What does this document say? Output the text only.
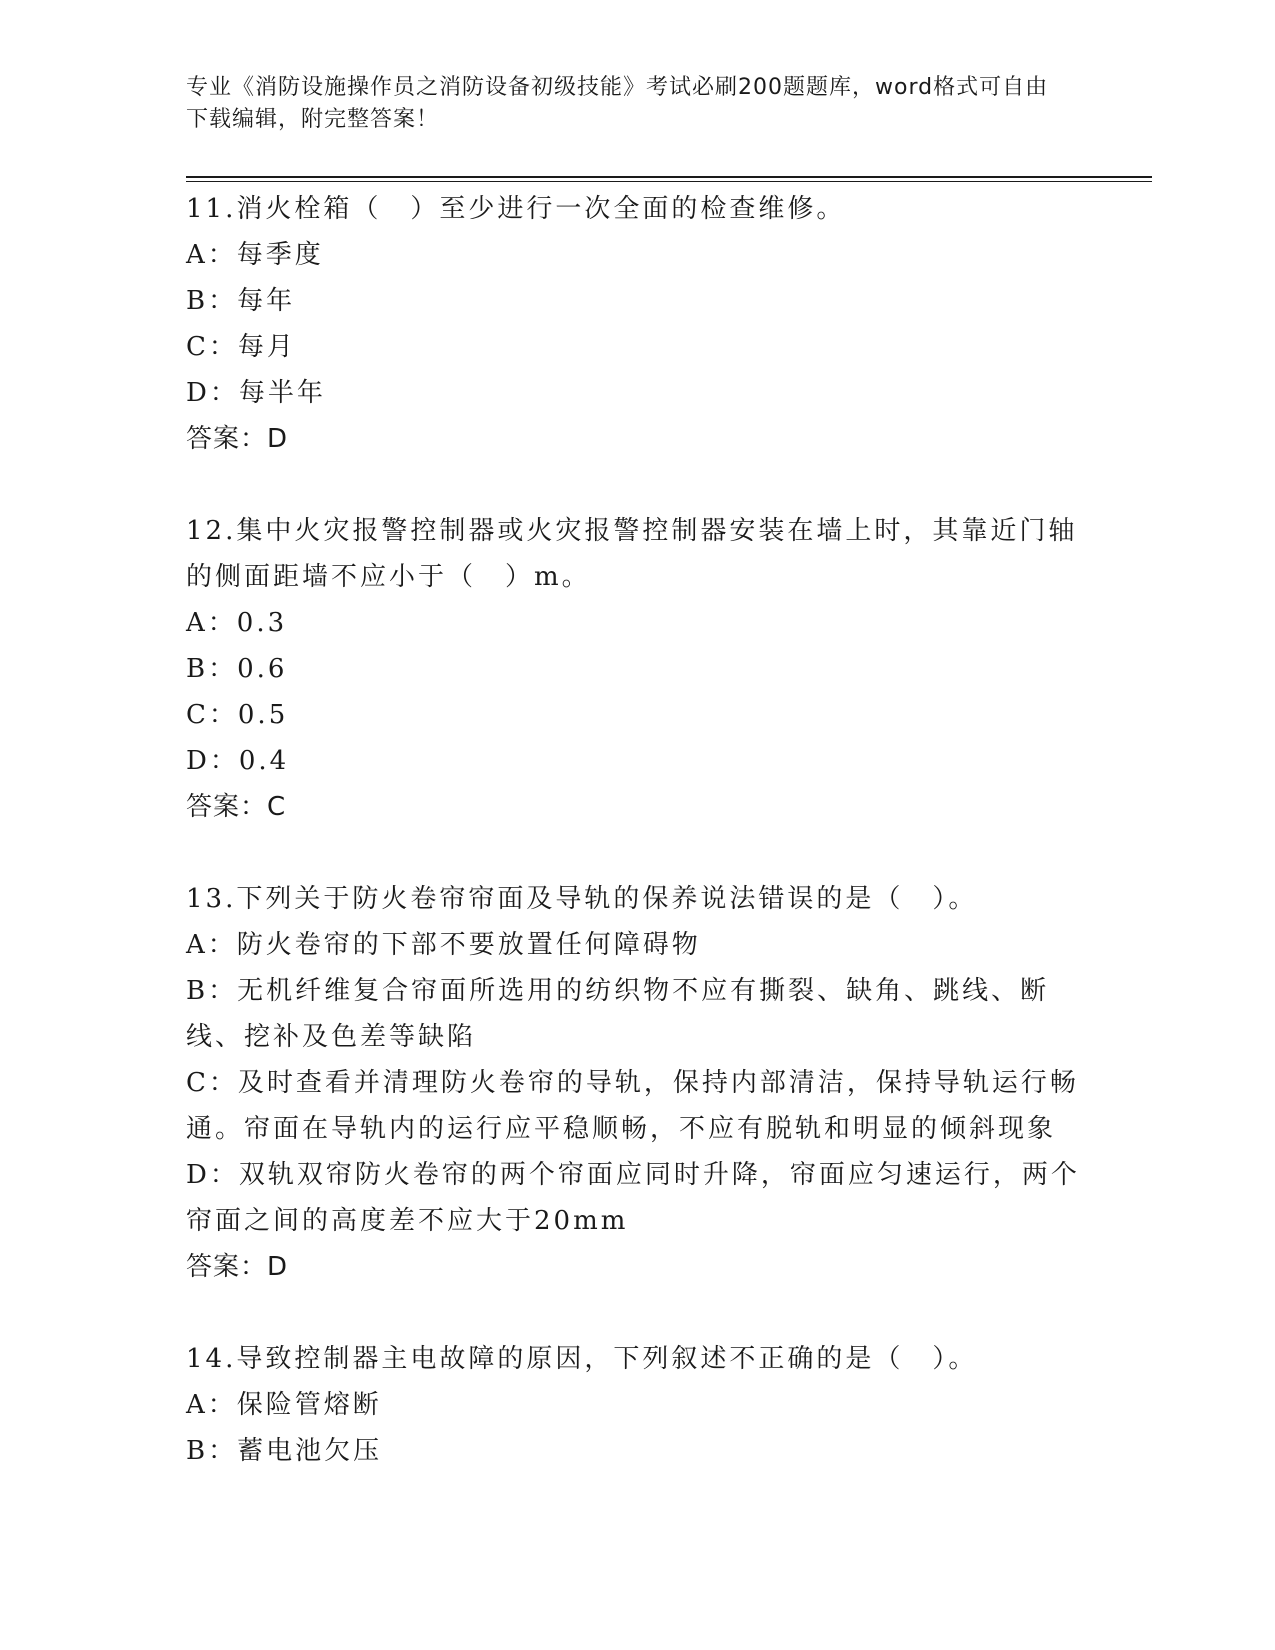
专业《消防设施操作员之消防设备初级技能》考试必刷200题题库，word格式可自由下载编辑，附完整答案！
11.消火栓箱（　）至少进行一次全面的检查维修。
A：每季度
B：每年
C：每月
D：每半年
答案：D
12.集中火灾报警控制器或火灾报警控制器安装在墙上时，其靠近门轴的侧面距墙不应小于（　）m。
A：0.3
B：0.6
C：0.5
D：0.4
答案：C
13.下列关于防火卷帘帘面及导轨的保养说法错误的是（　）。
A：防火卷帘的下部不要放置任何障碍物
B：无机纤维复合帘面所选用的纺织物不应有撕裂、缺角、跳线、断线、挖补及色差等缺陷
C：及时查看并清理防火卷帘的导轨，保持内部清洁，保持导轨运行畅通。帘面在导轨内的运行应平稳顺畅，不应有脱轨和明显的倾斜现象
D：双轨双帘防火卷帘的两个帘面应同时升降，帘面应匀速运行，两个帘面之间的高度差不应大于20mm
答案：D
14.导致控制器主电故障的原因，下列叙述不正确的是（　）。
A：保险管熔断
B：蓄电池欠压
